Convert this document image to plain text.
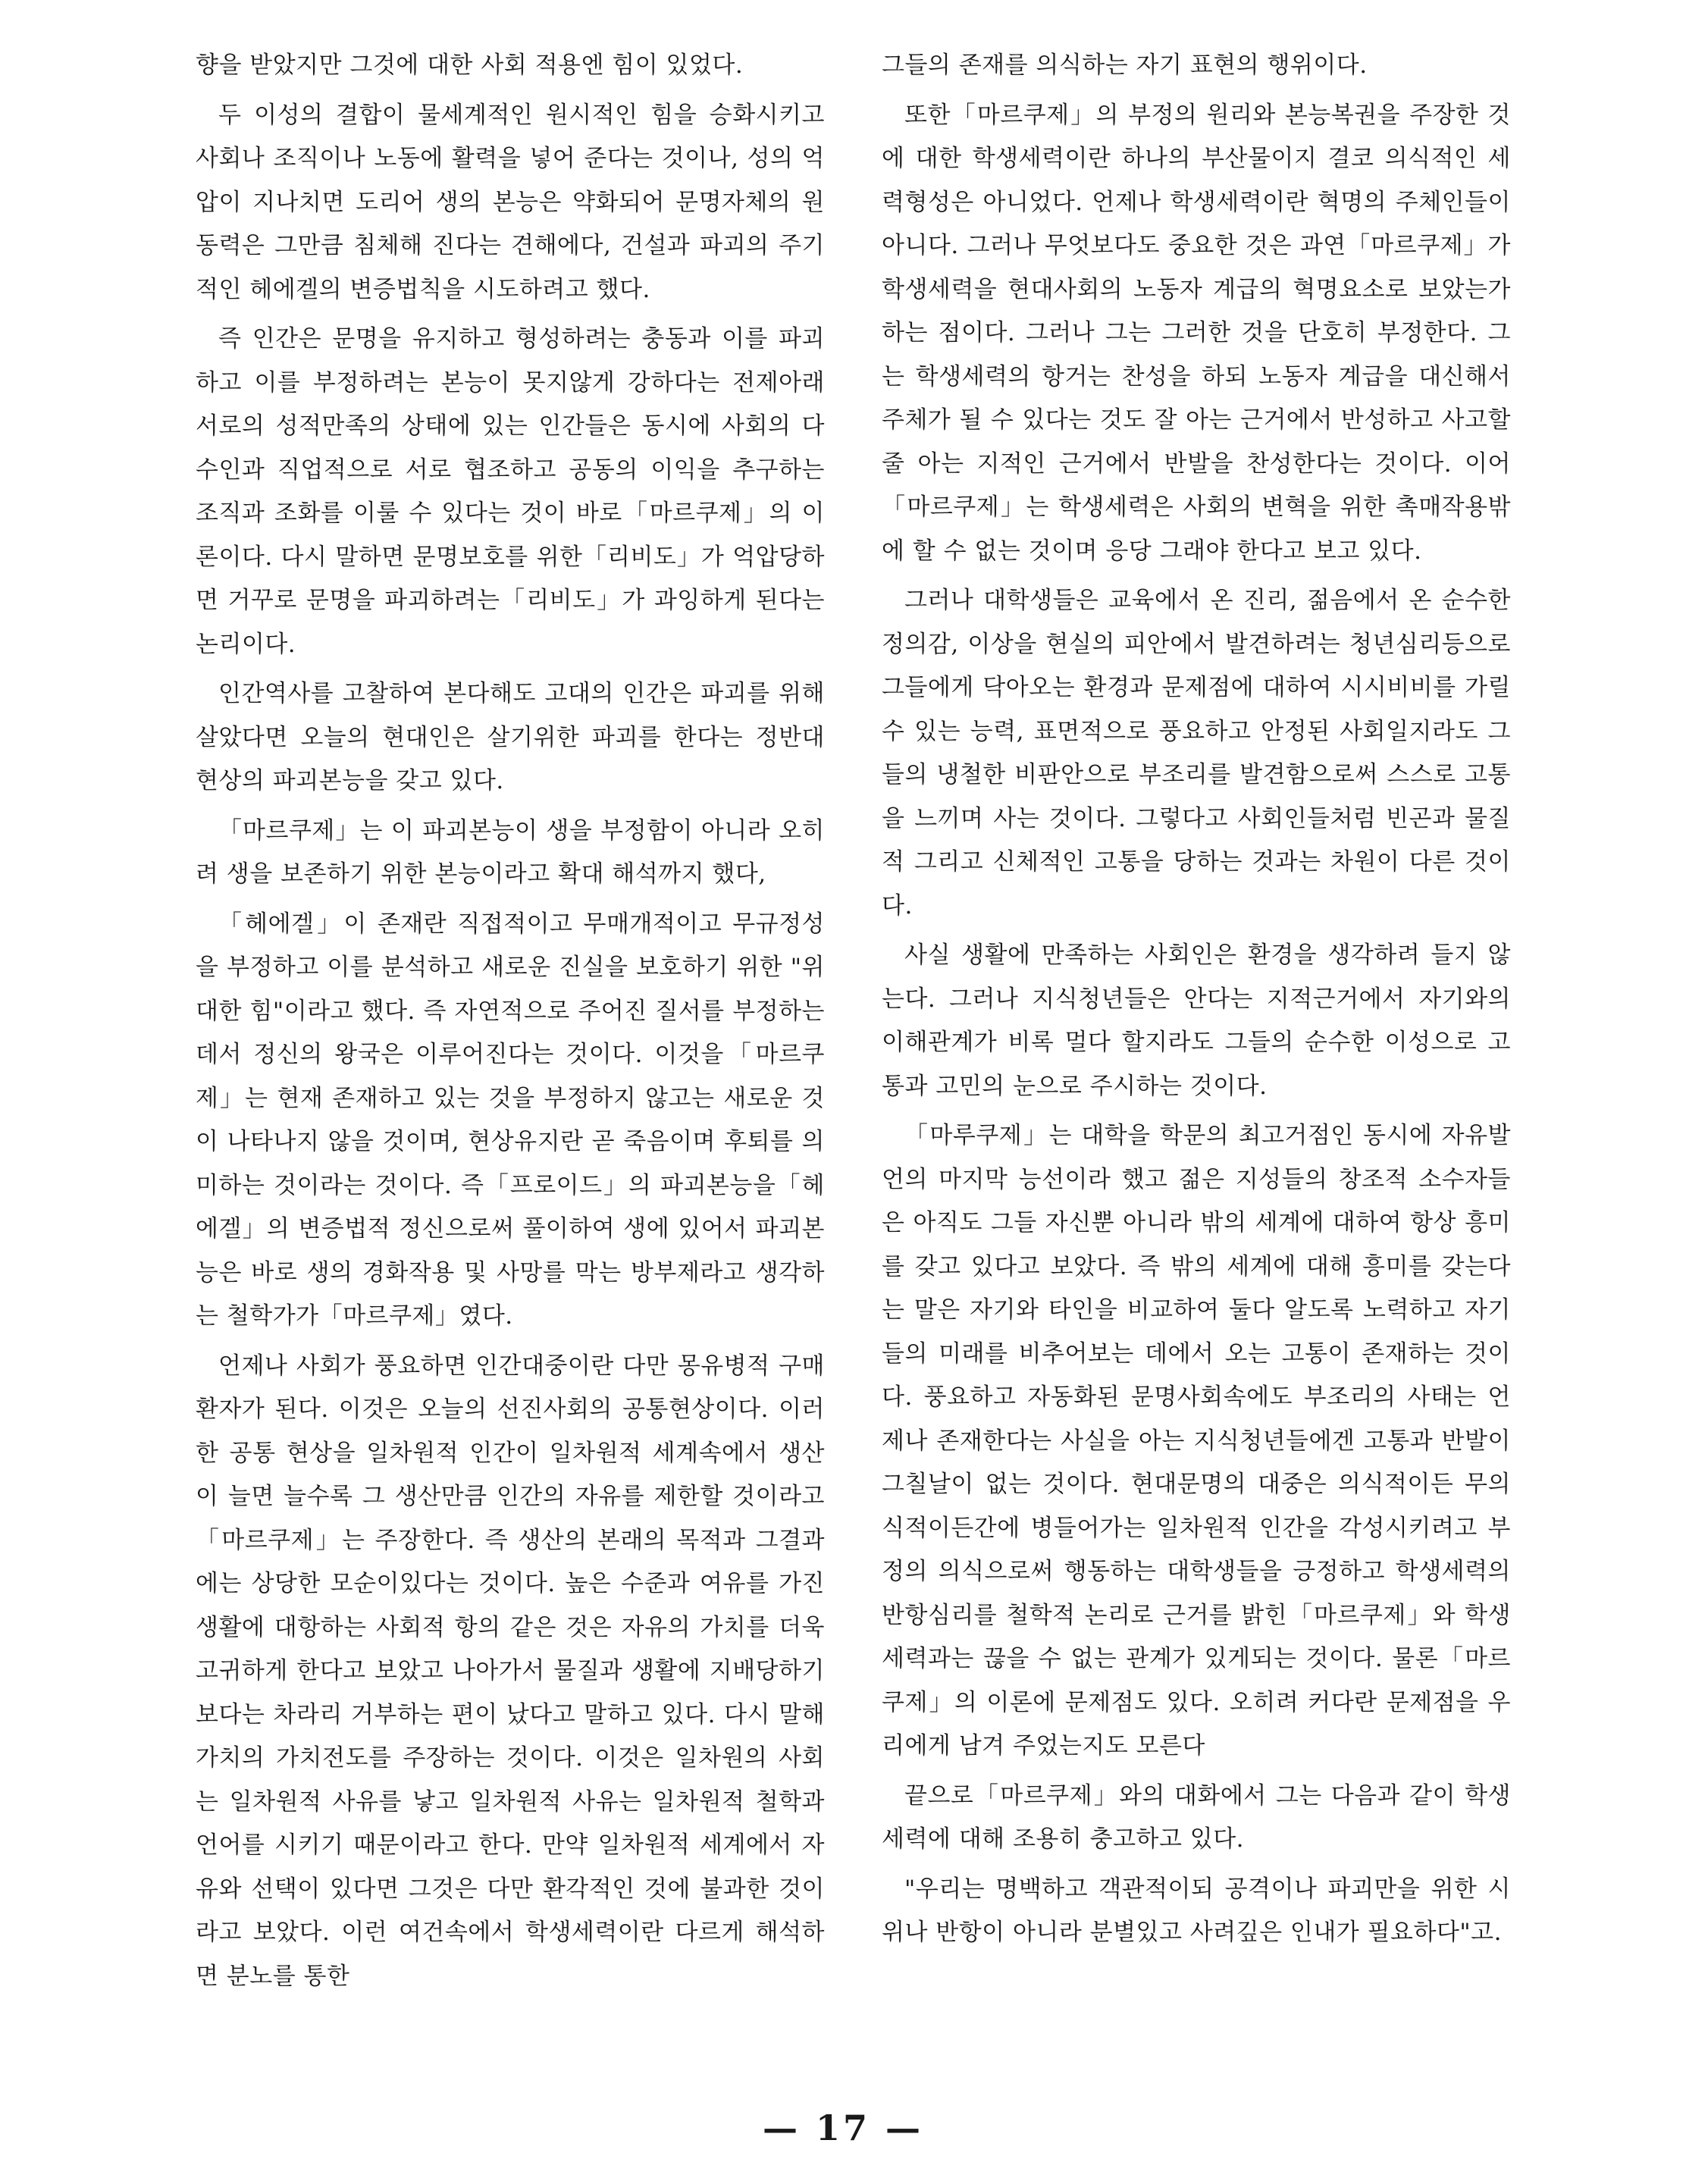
향을 받았지만 그것에 대한 사회 적용엔 힘이 있었다.

두 이성의 결합이 물세계적인 원시적인 힘을 승화시키고 사회나 조직이나 노동에 활력을 넣어 준다는 것이나, 성의 억압이 지나치면 도리어 생의 본능은 약화되어 문명자체의 원동력은 그만큼 침체해 진다는 견해에다, 건설과 파괴의 주기적인 헤에겔의 변증법칙을 시도하려고 했다.

즉 인간은 문명을 유지하고 형성하려는 충동과 이를 파괴하고 이를 부정하려는 본능이 못지않게 강하다는 전제아래 서로의 성적만족의 상태에 있는 인간들은 동시에 사회의 다수인과 직업적으로 서로 협조하고 공동의 이익을 추구하는 조직과 조화를 이룰 수 있다는 것이 바로「마르쿠제」의 이론이다. 다시 말하면 문명보호를 위한「리비도」가 억압당하면 거꾸로 문명을 파괴하려는「리비도」가 과잉하게 된다는 논리이다.

인간역사를 고찰하여 본다해도 고대의 인간은 파괴를 위해 살았다면 오늘의 현대인은 살기위한 파괴를 한다는 정반대 현상의 파괴본능을 갖고 있다.

「마르쿠제」는 이 파괴본능이 생을 부정함이 아니라 오히려 생을 보존하기 위한 본능이라고 확대 해석까지 했다,

「헤에겔」이 존재란 직접적이고 무매개적이고 무규정성을 부정하고 이를 분석하고 새로운 진실을 보호하기 위한 "위대한 힘"이라고 했다. 즉 자연적으로 주어진 질서를 부정하는데서 정신의 왕국은 이루어진다는 것이다. 이것을「마르쿠제」는 현재 존재하고 있는 것을 부정하지 않고는 새로운 것이 나타나지 않을 것이며, 현상유지란 곧 죽음이며 후퇴를 의미하는 것이라는 것이다. 즉「프로이드」의 파괴본능을「헤에겔」의 변증법적 정신으로써 풀이하여 생에 있어서 파괴본능은 바로 생의 경화작용 및 사망를 막는 방부제라고 생각하는 철학가가「마르쿠제」였다.

언제나 사회가 풍요하면 인간대중이란 다만 몽유병적 구매환자가 된다. 이것은 오늘의 선진사회의 공통현상이다. 이러한 공통 현상을 일차원적 인간이 일차원적 세계속에서 생산이 늘면 늘수록 그 생산만큼 인간의 자유를 제한할 것이라고「마르쿠제」는 주장한다. 즉 생산의 본래의 목적과 그결과에는 상당한 모순이있다는 것이다. 높은 수준과 여유를 가진 생활에 대항하는 사회적 항의 같은 것은 자유의 가치를 더욱 고귀하게 한다고 보았고 나아가서 물질과 생활에 지배당하기보다는 차라리 거부하는 편이 났다고 말하고 있다. 다시 말해 가치의 가치전도를 주장하는 것이다. 이것은 일차원의 사회는 일차원적 사유를 낳고 일차원적 사유는 일차원적 철학과 언어를 시키기 때문이라고 한다. 만약 일차원적 세계에서 자유와 선택이 있다면 그것은 다만 환각적인 것에 불과한 것이라고 보았다. 이런 여건속에서 학생세력이란 다르게 해석하면 분노를 통한

그들의 존재를 의식하는 자기 표현의 행위이다.

또한「마르쿠제」의 부정의 원리와 본능복권을 주장한 것에 대한 학생세력이란 하나의 부산물이지 결코 의식적인 세력형성은 아니었다. 언제나 학생세력이란 혁명의 주체인들이 아니다. 그러나 무엇보다도 중요한 것은 과연「마르쿠제」가 학생세력을 현대사회의 노동자 계급의 혁명요소로 보았는가 하는 점이다. 그러나 그는 그러한 것을 단호히 부정한다. 그는 학생세력의 항거는 찬성을 하되 노동자 계급을 대신해서 주체가 될 수 있다는 것도 잘 아는 근거에서 반성하고 사고할 줄 아는 지적인 근거에서 반발을 찬성한다는 것이다. 이어「마르쿠제」는 학생세력은 사회의 변혁을 위한 촉매작용밖에 할 수 없는 것이며 응당 그래야 한다고 보고 있다.

그러나 대학생들은 교육에서 온 진리, 젊음에서 온 순수한 정의감, 이상을 현실의 피안에서 발견하려는 청년심리등으로 그들에게 닥아오는 환경과 문제점에 대하여 시시비비를 가릴 수 있는 능력, 표면적으로 풍요하고 안정된 사회일지라도 그들의 냉철한 비판안으로 부조리를 발견함으로써 스스로 고통을 느끼며 사는 것이다. 그렇다고 사회인들처럼 빈곤과 물질적 그리고 신체적인 고통을 당하는 것과는 차원이 다른 것이다.

사실 생활에 만족하는 사회인은 환경을 생각하려 들지 않는다. 그러나 지식청년들은 안다는 지적근거에서 자기와의 이해관계가 비록 멀다 할지라도 그들의 순수한 이성으로 고통과 고민의 눈으로 주시하는 것이다.

「마루쿠제」는 대학을 학문의 최고거점인 동시에 자유발언의 마지막 능선이라 했고 젊은 지성들의 창조적 소수자들은 아직도 그들 자신뿐 아니라 밖의 세계에 대하여 항상 흥미를 갖고 있다고 보았다. 즉 밖의 세계에 대해 흥미를 갖는다는 말은 자기와 타인을 비교하여 둘다 알도록 노력하고 자기들의 미래를 비추어보는 데에서 오는 고통이 존재하는 것이다. 풍요하고 자동화된 문명사회속에도 부조리의 사태는 언제나 존재한다는 사실을 아는 지식청년들에겐 고통과 반발이 그칠날이 없는 것이다. 현대문명의 대중은 의식적이든 무의식적이든간에 병들어가는 일차원적 인간을 각성시키려고 부정의 의식으로써 행동하는 대학생들을 긍정하고 학생세력의 반항심리를 철학적 논리로 근거를 밝힌「마르쿠제」와 학생세력과는 끊을 수 없는 관계가 있게되는 것이다. 물론「마르쿠제」의 이론에 문제점도 있다. 오히려 커다란 문제점을 우리에게 남겨 주었는지도 모른다

끝으로「마르쿠제」와의 대화에서 그는 다음과 같이 학생세력에 대해 조용히 충고하고 있다.

"우리는 명백하고 객관적이되 공격이나 파괴만을 위한 시위나 반항이 아니라 분별있고 사려깊은 인내가 필요하다"고.

— 17 —
